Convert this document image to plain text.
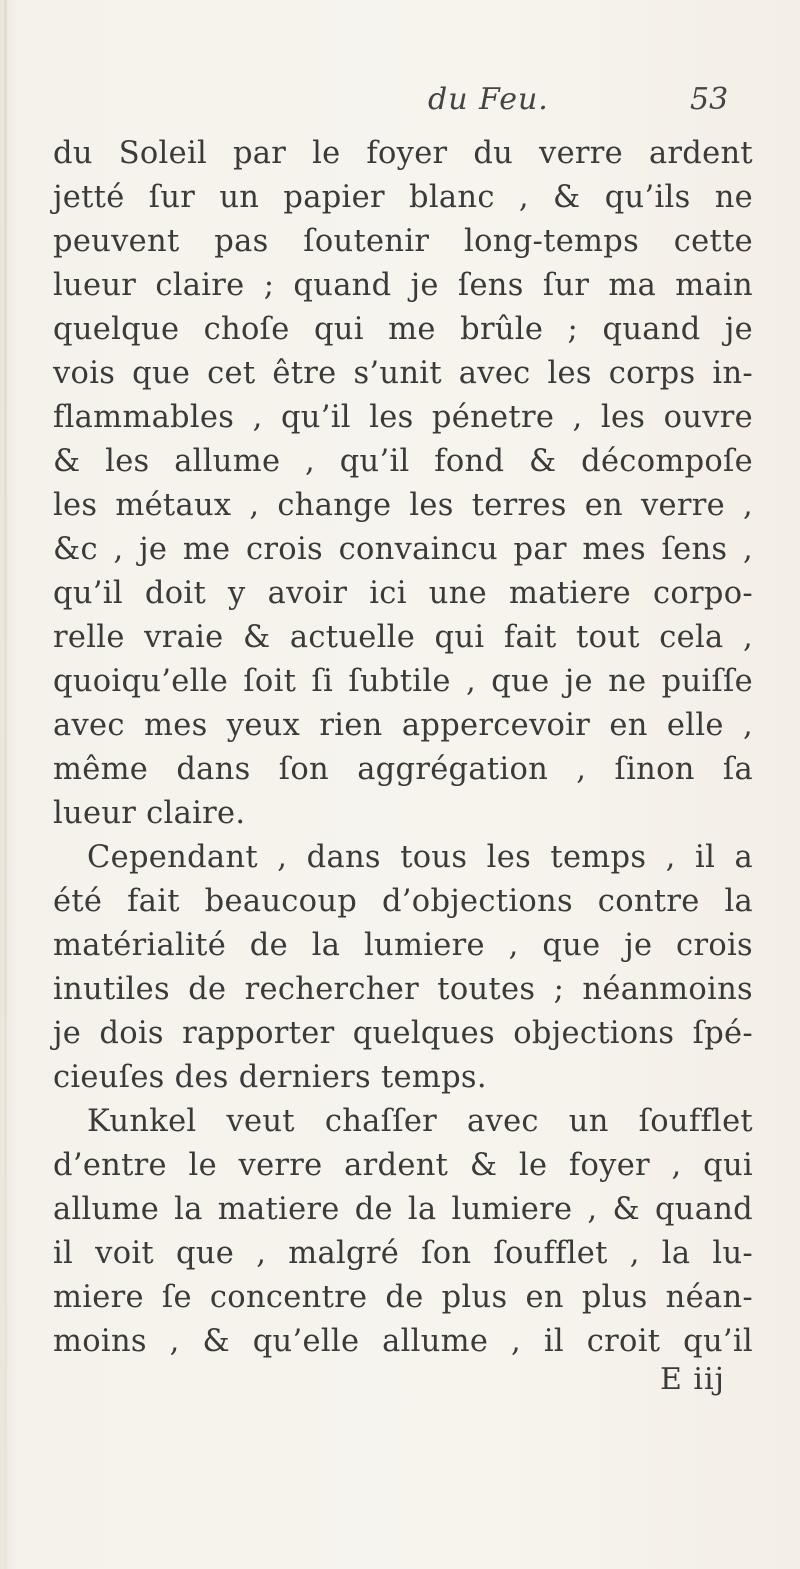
du Feu.	53
du Soleil par le foyer du verre ardent
jetté ſur un papier blanc , & qu’ils ne
peuvent pas ſoutenir long-temps cette
lueur claire ; quand je ſens ſur ma main
quelque choſe qui me brûle ; quand je
vois que cet être s’unit avec les corps in-
flammables , qu’il les pénetre , les ouvre
& les allume , qu’il fond & décompoſe
les métaux , change les terres en verre ,
&c , je me crois convaincu par mes ſens ,
qu’il doit y avoir ici une matiere corpo-
relle vraie & actuelle qui fait tout cela ,
quoiqu’elle ſoit ſi ſubtile , que je ne puiſſe
avec mes yeux rien appercevoir en elle ,
même dans ſon aggrégation , ſinon ſa
lueur claire.
Cependant , dans tous les temps , il a
été fait beaucoup d’objections contre la
matérialité de la lumiere , que je crois
inutiles de rechercher toutes ; néanmoins
je dois rapporter quelques objections ſpé-
cieuſes des derniers temps.
Kunkel veut chaſſer avec un ſoufflet
d’entre le verre ardent & le foyer , qui
allume la matiere de la lumiere , & quand
il voit que , malgré ſon ſoufflet , la lu-
miere ſe concentre de plus en plus néan-
moins , & qu’elle allume , il croit qu’il
E iij
